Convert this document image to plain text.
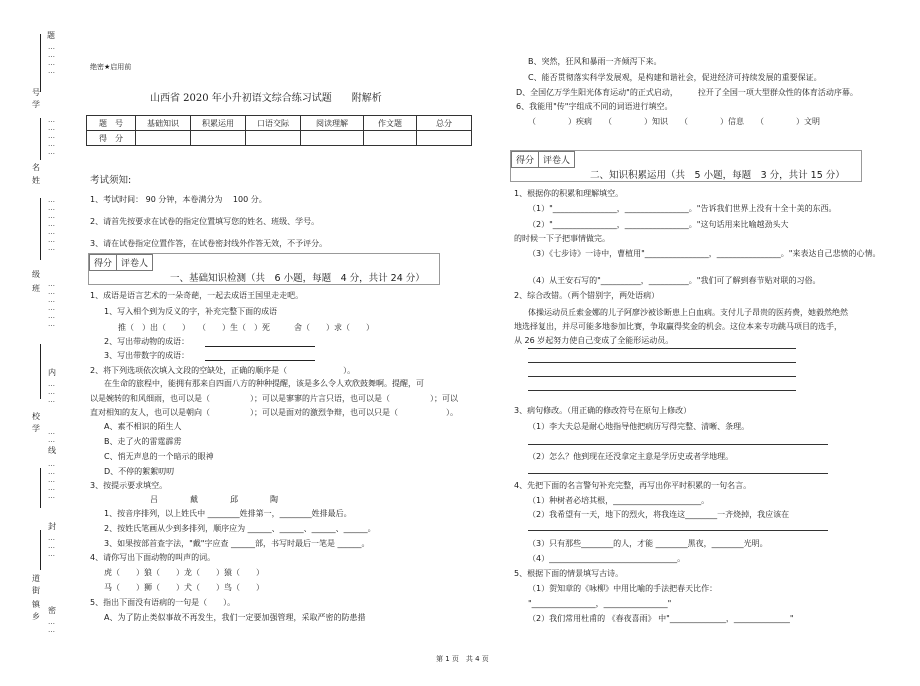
题
…
…
…
…
号
学
…
…
…
…
…
名
姓
…
…
…
…
…
…
…
级
班 …
…
…
…
…
…
内
…
…
…
校
学 …
…
线
…
…
…
…
…
封
…
…
…
道
街
镇
乡
密
…
…
绝密★启用前
山西省 2020 年小升初语文综合练习试题　　附解析
题　号	基础知识	积累运用	口语交际	阅读理解	作文题	总分
得　分						
考试须知:
1、考试时间： 90 分钟，本卷满分为　 100 分。
2、请首先按要求在试卷的指定位置填写您的姓名、班级、学号。
3、请在试卷指定位置作答，在试卷密封线外作答无效，不予评分。
得分 评卷人
一、基础知识检测（共　6 小题，每题　4 分，共计 24 分）
1、成语是语言艺术的一朵奇葩，一起去成语王国里走走吧。
1、写入相个到为反义的字，补充完整下面的成语
推（　）出（　　）　　（　　）生（　）死　　　舍（　　）求（　　）
2、写出带动物的成语：
3、写出带数字的成语：
2、将下列选项依次填入文段的空缺处，正确的顺序是（　　　　　　　）。
在生命的旅程中，能拥有那来自四面八方的种种提醒，该是多么令人欢欣鼓舞啊。提醒，可
以是婉转的和风细雨，也可以是（　　　　　）；可以是寥寥的片言只语，也可以是（　　　　　）；可以
直对相知的友人，也可以是朝向（　　　　　）；可以是面对的激烈争辩，也可以只是（　　　　　　）。
A、素不相识的陌生人
B、走了火的雷霆霹雳
C、悄无声息的一个暗示的眼神
D、不停的絮絮叨叨
3、按提示要求填空。
吕　　　　戴　　　　邱　　　　陶
1、按音序排列，以上姓氏中 ________姓排第一，________姓排最后。
2、按姓氏笔画从少到多排列，顺序应为 ______、______、______、______。
3、如果按部首查字法，"戴"字应查 ______部，书写时最后一笔是 ______。
4、请你写出下面动物的叫声的词。
虎（　　）狼（　　）龙（　　）猿（　　）
马（　　）狮（　　）犬（　　）鸟（　　）
5、指出下面没有语病的一句是（　　）。
A、为了防止类似事故不再发生，我们一定要加强管理，采取严密的防患措
B、突然，狂风和暴雨一齐倾泻下来。
C、能否贯彻落实科学发展观，是构建和谐社会，促进经济可持续发展的重要保证。
D、全国亿万学生阳光体育运动"的正式启动，　　　拉开了全国一项大型群众性的体育活动序幕。
6、我能用"传"字组成不同的词语进行填空。
（　　　　）疾病　　（　　　　）知识　　（　　　　）信息　　（　　　　）文明
得分 评卷人
二、知识积累运用（共　5 小题，每题　3 分，共计 15 分）
1、根据你的积累和理解填空。
（1）"________________，________________。"告诉我们世界上没有十全十美的东西。
（2）"________________，________________。"这句话用来比喻越劲头大
的时候一下子把事情做完。
（3）《七步诗》一诗中，曹植用"________________，________________。"来表达自己悲愤的心情。
（4）从王安石写的"__________，__________。"我们可了解到春节贴对联的习俗。
2、综合改错。（两个错别字，两处语病）
体操运动员丘索金娜的儿子阿廖沙被诊断患上白血病。支付儿子昂贵的医药费，她毅然绝然
地选择复出，并尽可能多地参加比赛，争取赢得奖金的机会。这位本来专功跳马项目的选手，
从 26 岁起努力使自己变成了全能形运动员。
3、病句修改。（用正确的修改符号在原句上修改）
（1）李大夫总是耐心地指导他把病历写得完整、清晰、条理。
（2）怎么？他到现在还没拿定主意是学历史或者学地理。
4、先把下面的名言警句补充完整，再写出你平时积累的一句名言。
（1）种树者必培其根，______________________。
（2）我希望有一天，地下的烈火，将我连这________一齐烧掉，我应该在
（3）只有那些________的人，才能 ________黑夜，________光明。
（4）________________________________。
5、根据下面的情景填写古诗。
（1）贺知章的《咏柳》中用比喻的手法把春天比作：
"________________，________________"
（2）我们常用杜甫的 《春夜喜雨》 中"______________，______________"
第 1 页　共 4 页
